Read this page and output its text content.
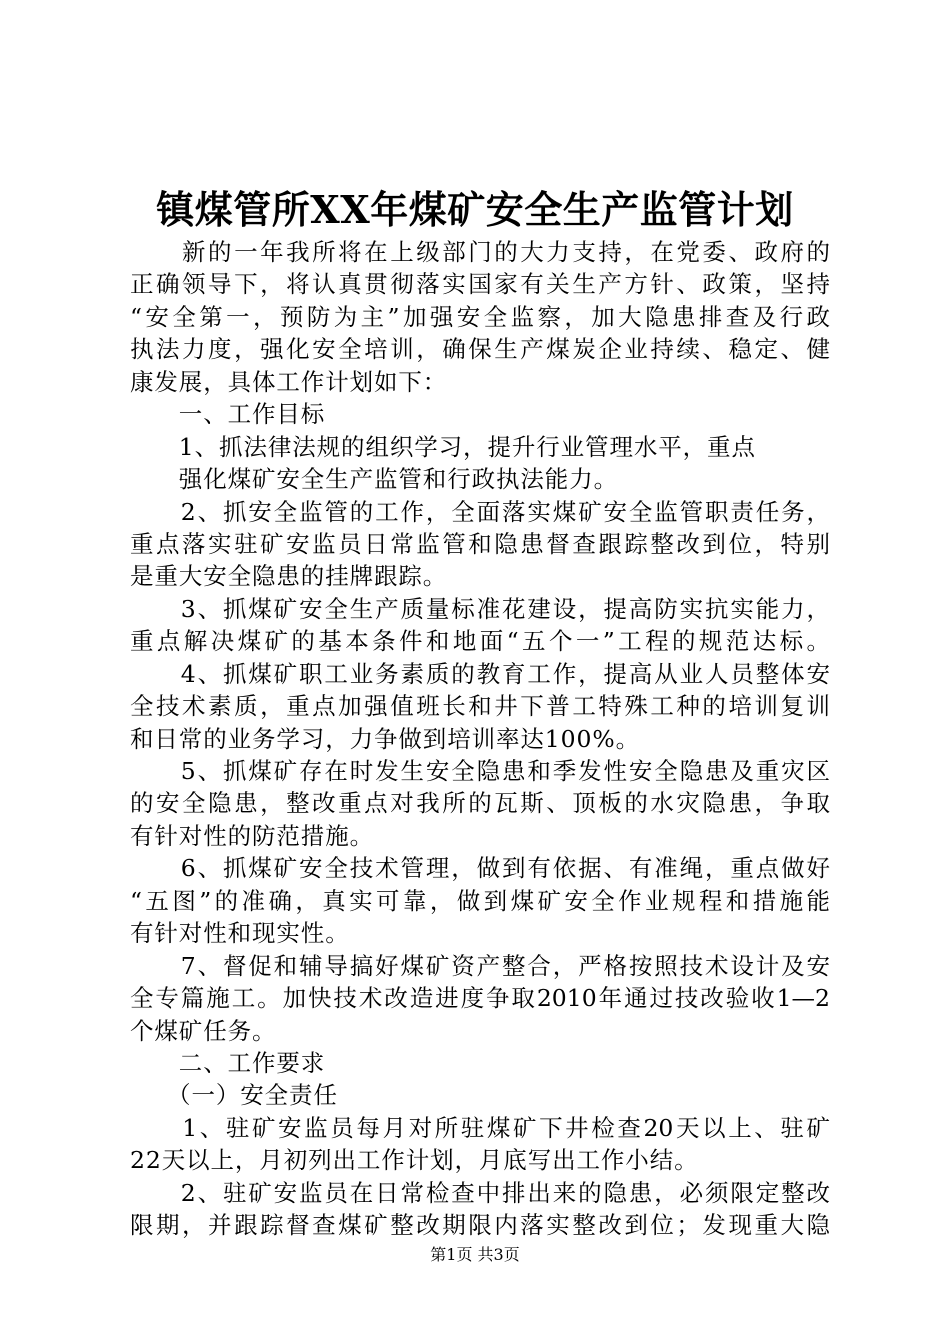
镇煤管所XX年煤矿安全生产监管计划
　　新的一年我所将在上级部门的大力支持，在党委、政府的
正确领导下，将认真贯彻落实国家有关生产方针、政策，坚持
“安全第一，预防为主”加强安全监察，加大隐患排查及行政
执法力度，强化安全培训，确保生产煤炭企业持续、稳定、健
康发展，具体工作计划如下：
　　一、工作目标
　　1、抓法律法规的组织学习，提升行业管理水平，重点
　　强化煤矿安全生产监管和行政执法能力。
　　2、抓安全监管的工作，全面落实煤矿安全监管职责任务，
重点落实驻矿安监员日常监管和隐患督查跟踪整改到位，特别
是重大安全隐患的挂牌跟踪。
　　3、抓煤矿安全生产质量标准花建设，提高防实抗实能力，
重点解决煤矿的基本条件和地面“五个一”工程的规范达标。
　　4、抓煤矿职工业务素质的教育工作，提高从业人员整体安
全技术素质，重点加强值班长和井下普工特殊工种的培训复训
和日常的业务学习，力争做到培训率达100%。
　　5、抓煤矿存在时发生安全隐患和季发性安全隐患及重灾区
的安全隐患，整改重点对我所的瓦斯、顶板的水灾隐患，争取
有针对性的防范措施。
　　6、抓煤矿安全技术管理，做到有依据、有准绳，重点做好
“五图”的准确，真实可靠，做到煤矿安全作业规程和措施能
有针对性和现实性。
　　7、督促和辅导搞好煤矿资产整合，严格按照技术设计及安
全专篇施工。加快技术改造进度争取2010年通过技改验收1—2
个煤矿任务。
　　二、工作要求
　　（一）安全责任
　　1、驻矿安监员每月对所驻煤矿下井检查20天以上、驻矿
22天以上，月初列出工作计划，月底写出工作小结。
　　2、驻矿安监员在日常检查中排出来的隐患，必须限定整改
限期，并跟踪督查煤矿整改期限内落实整改到位；发现重大隐
第1页 共3页
